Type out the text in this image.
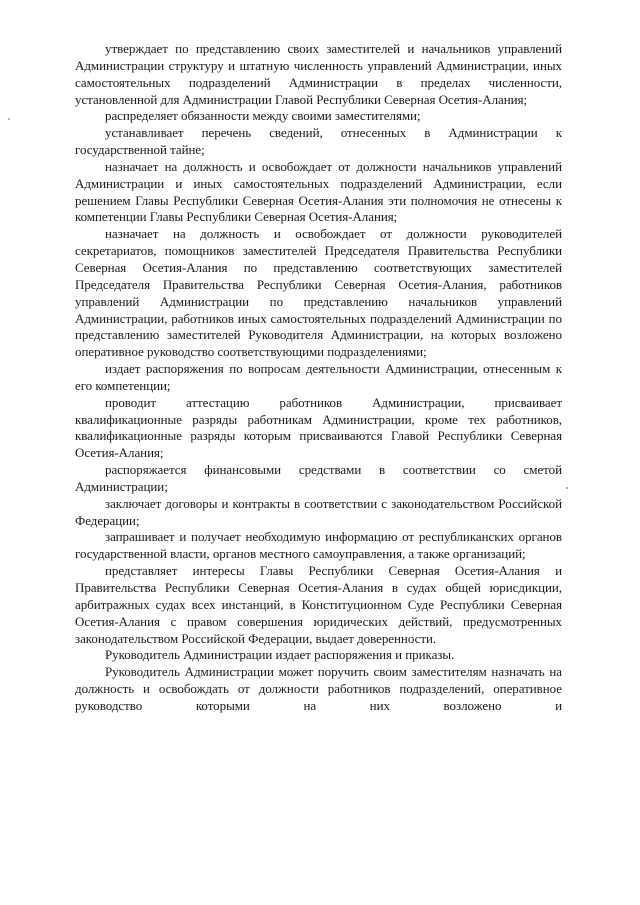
утверждает по представлению своих заместителей и начальников управлений Администрации структуру и штатную численность управлений Администрации, иных самостоятельных подразделений Администрации в пределах численности, установленной для Администрации Главой Республики Северная Осетия-Алания;

распределяет обязанности между своими заместителями;

устанавливает перечень сведений, отнесенных в Администрации к государственной тайне;

назначает на должность и освобождает от должности начальников управлений Администрации и иных самостоятельных подразделений Администрации, если решением Главы Республики Северная Осетия-Алания эти полномочия не отнесены к компетенции Главы Республики Северная Осетия-Алания;

назначает на должность и освобождает от должности руководителей секретариатов, помощников заместителей Председателя Правительства Республики Северная Осетия-Алания по представлению соответствующих заместителей Председателя Правительства Республики Северная Осетия-Алания, работников управлений Администрации по представлению начальников управлений Администрации, работников иных самостоятельных подразделений Администрации по представлению заместителей Руководителя Администрации, на которых возложено оперативное руководство соответствующими подразделениями;

издает распоряжения по вопросам деятельности Администрации, отнесенным к его компетенции;

проводит аттестацию работников Администрации, присваивает квалификационные разряды работникам Администрации, кроме тех работников, квалификационные разряды которым присваиваются Главой Республики Северная Осетия-Алания;

распоряжается финансовыми средствами в соответствии со сметой Администрации;

заключает договоры и контракты в соответствии с законодательством Российской Федерации;

запрашивает и получает необходимую информацию от республиканских органов государственной власти, органов местного самоуправления, а также организаций;

представляет интересы Главы Республики Северная Осетия-Алания и Правительства Республики Северная Осетия-Алания в судах общей юрисдикции, арбитражных судах всех инстанций, в Конституционном Суде Республики Северная Осетия-Алания с правом совершения юридических действий, предусмотренных законодательством Российской Федерации, выдает доверенности.

Руководитель Администрации издает распоряжения и приказы.

Руководитель Администрации может поручить своим заместителям назначать на должность и освобождать от должности работников подразделений, оперативное руководство которыми на них возложено и
